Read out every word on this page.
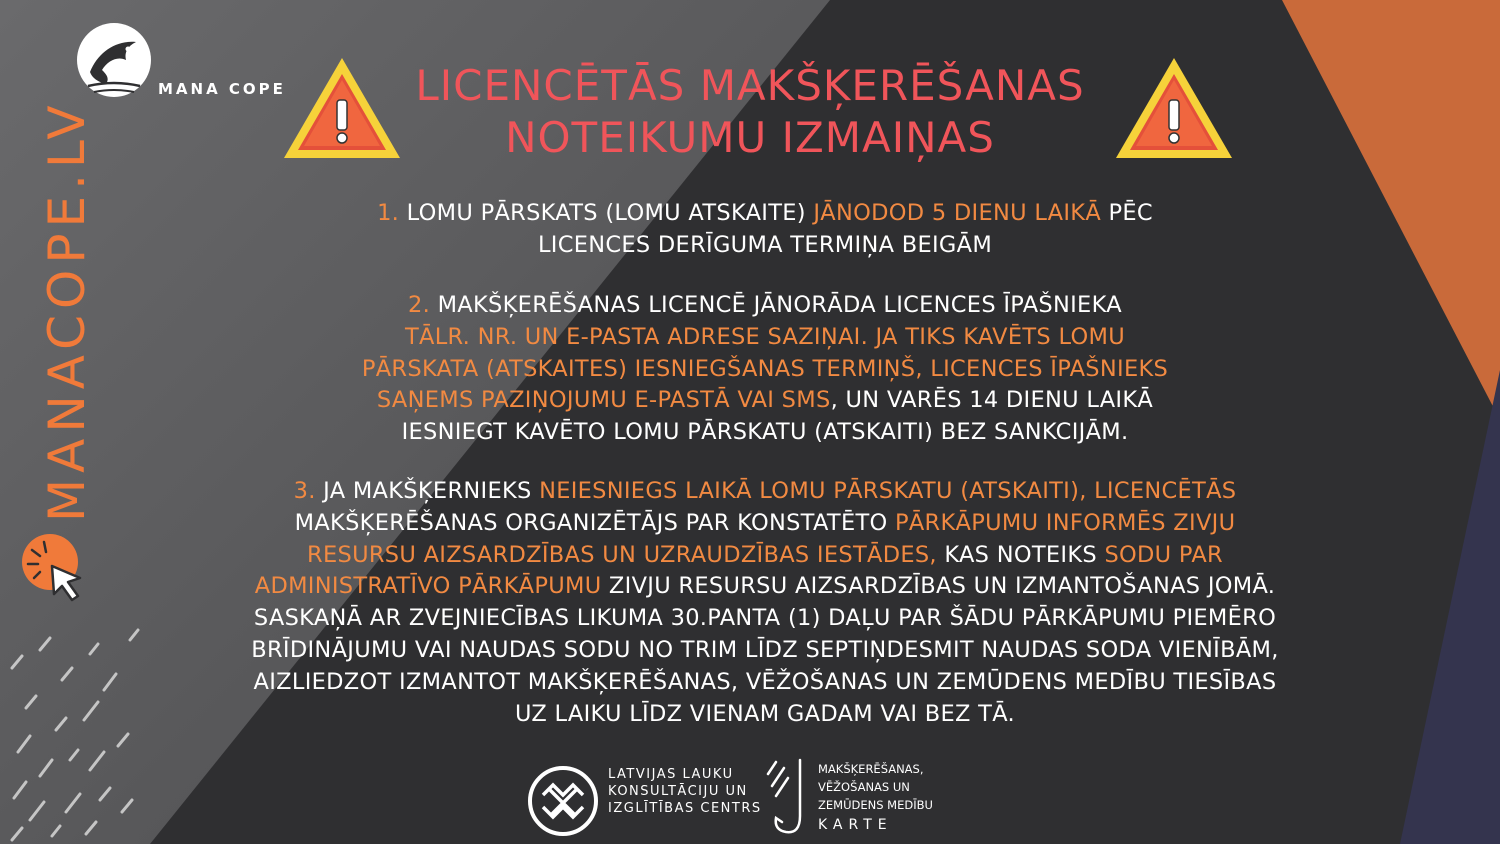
MANACOPE.LV
MANA COPE	LICENCĒTĀS MAKŠĶERĒŠANAS
NOTEIKUMU IZMAIŅAS
1. LOMU PĀRSKATS (LOMU ATSKAITE) JĀNODOD 5 DIENU LAIKĀ PĒC
LICENCES DERĪGUMA TERMIŅA BEIGĀM
2. MAKŠĶERĒŠANAS LICENCĒ JĀNORĀDA LICENCES ĪPAŠNIEKA
TĀLR. NR. UN E-PASTA ADRESE SAZIŅAI. JA TIKS KAVĒTS LOMU
PĀRSKATA (ATSKAITES) IESNIEGŠANAS TERMIŅŠ, LICENCES ĪPAŠNIEKS
SAŅEMS PAZIŅOJUMU E-PASTĀ VAI SMS, UN VARĒS 14 DIENU LAIKĀ
IESNIEGT KAVĒTO LOMU PĀRSKATU (ATSKAITI) BEZ SANKCIJĀM.
3. JA MAKŠĶERNIEKS NEIESNIEGS LAIKĀ LOMU PĀRSKATU (ATSKAITI), LICENCĒTĀS
MAKŠĶERĒŠANAS ORGANIZĒTĀJS PAR KONSTATĒTO PĀRKĀPUMU INFORMĒS ZIVJU
RESURSU AIZSARDZĪBAS UN UZRAUDZĪBAS IESTĀDES, KAS NOTEIKS SODU PAR
ADMINISTRATĪVO PĀRKĀPUMU ZIVJU RESURSU AIZSARDZĪBAS UN IZMANTOŠANAS JOMĀ.
SASKAŅĀ AR ZVEJNIECĪBAS LIKUMA 30.PANTA (1) DAĻU PAR ŠĀDU PĀRKĀPUMU PIEMĒRO
BRĪDINĀJUMU VAI NAUDAS SODU NO TRIM LĪDZ SEPTIŅDESMIT NAUDAS SODA VIENĪBĀM,
AIZLIEDZOT IZMANTOT MAKŠĶERĒŠANAS, VĒŽOŠANAS UN ZEMŪDENS MEDĪBU TIESĪBAS
UZ LAIKU LĪDZ VIENAM GADAM VAI BEZ TĀ.
LATVIJAS LAUKU
KONSULTĀCIJU UN
IZGLĪTĪBAS CENTRS
MAKŠĶERĒŠANAS,
VĒŽOŠANAS UN
ZEMŪDENS MEDĪBU
KARTE
